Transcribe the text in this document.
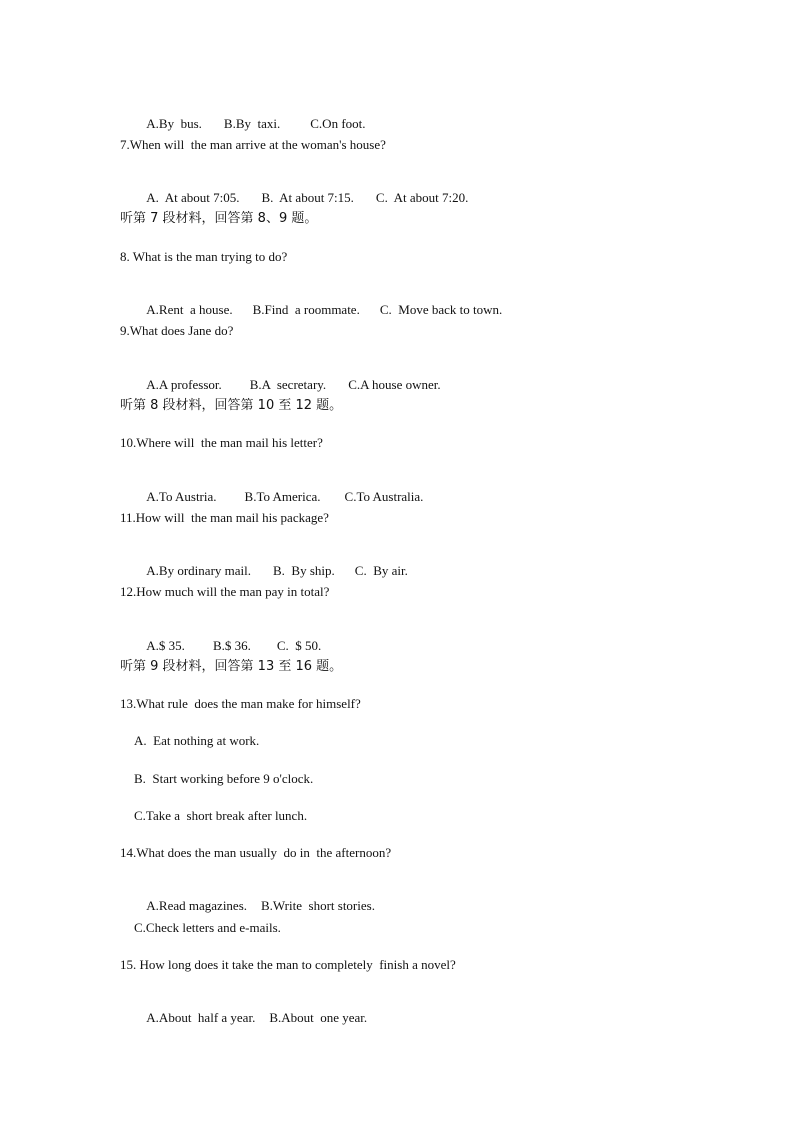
A.By  bus. B.By  taxi. C.On foot.

7.When will  the man arrive at the woman's house?

A.  At about 7:05. B.  At about 7:15. C.  At about 7:20.

听第 7 段材料，回答第 8、9 题。
8. What is the man trying to do?

A.Rent  a house. B.Find  a roommate. C.  Move back to town.

9.What does Jane do?

A.A professor. B.A  secretary. C.A house owner.

听第 8 段材料，回答第 10 至 12 题。
10.Where will  the man mail his letter?

A.To Austria. B.To America. C.To Australia.

11.How will  the man mail his package?

A.By ordinary mail. B.  By ship. C.  By air.

12.How much will the man pay in total?

A.$ 35. B.$ 36. C.  $ 50.

听第 9 段材料，回答第 13 至 16 题。
13.What rule  does the man make for himself?
A.  Eat nothing at work.
B.  Start working before 9 o'clock.
C.Take a  short break after lunch.
14.What does the man usually  do in  the afternoon?

A.Read magazines. B.Write  short stories.

C.Check letters and e-mails.
15. How long does it take the man to completely  finish a novel?

A.About  half a year. B.About  one year.
